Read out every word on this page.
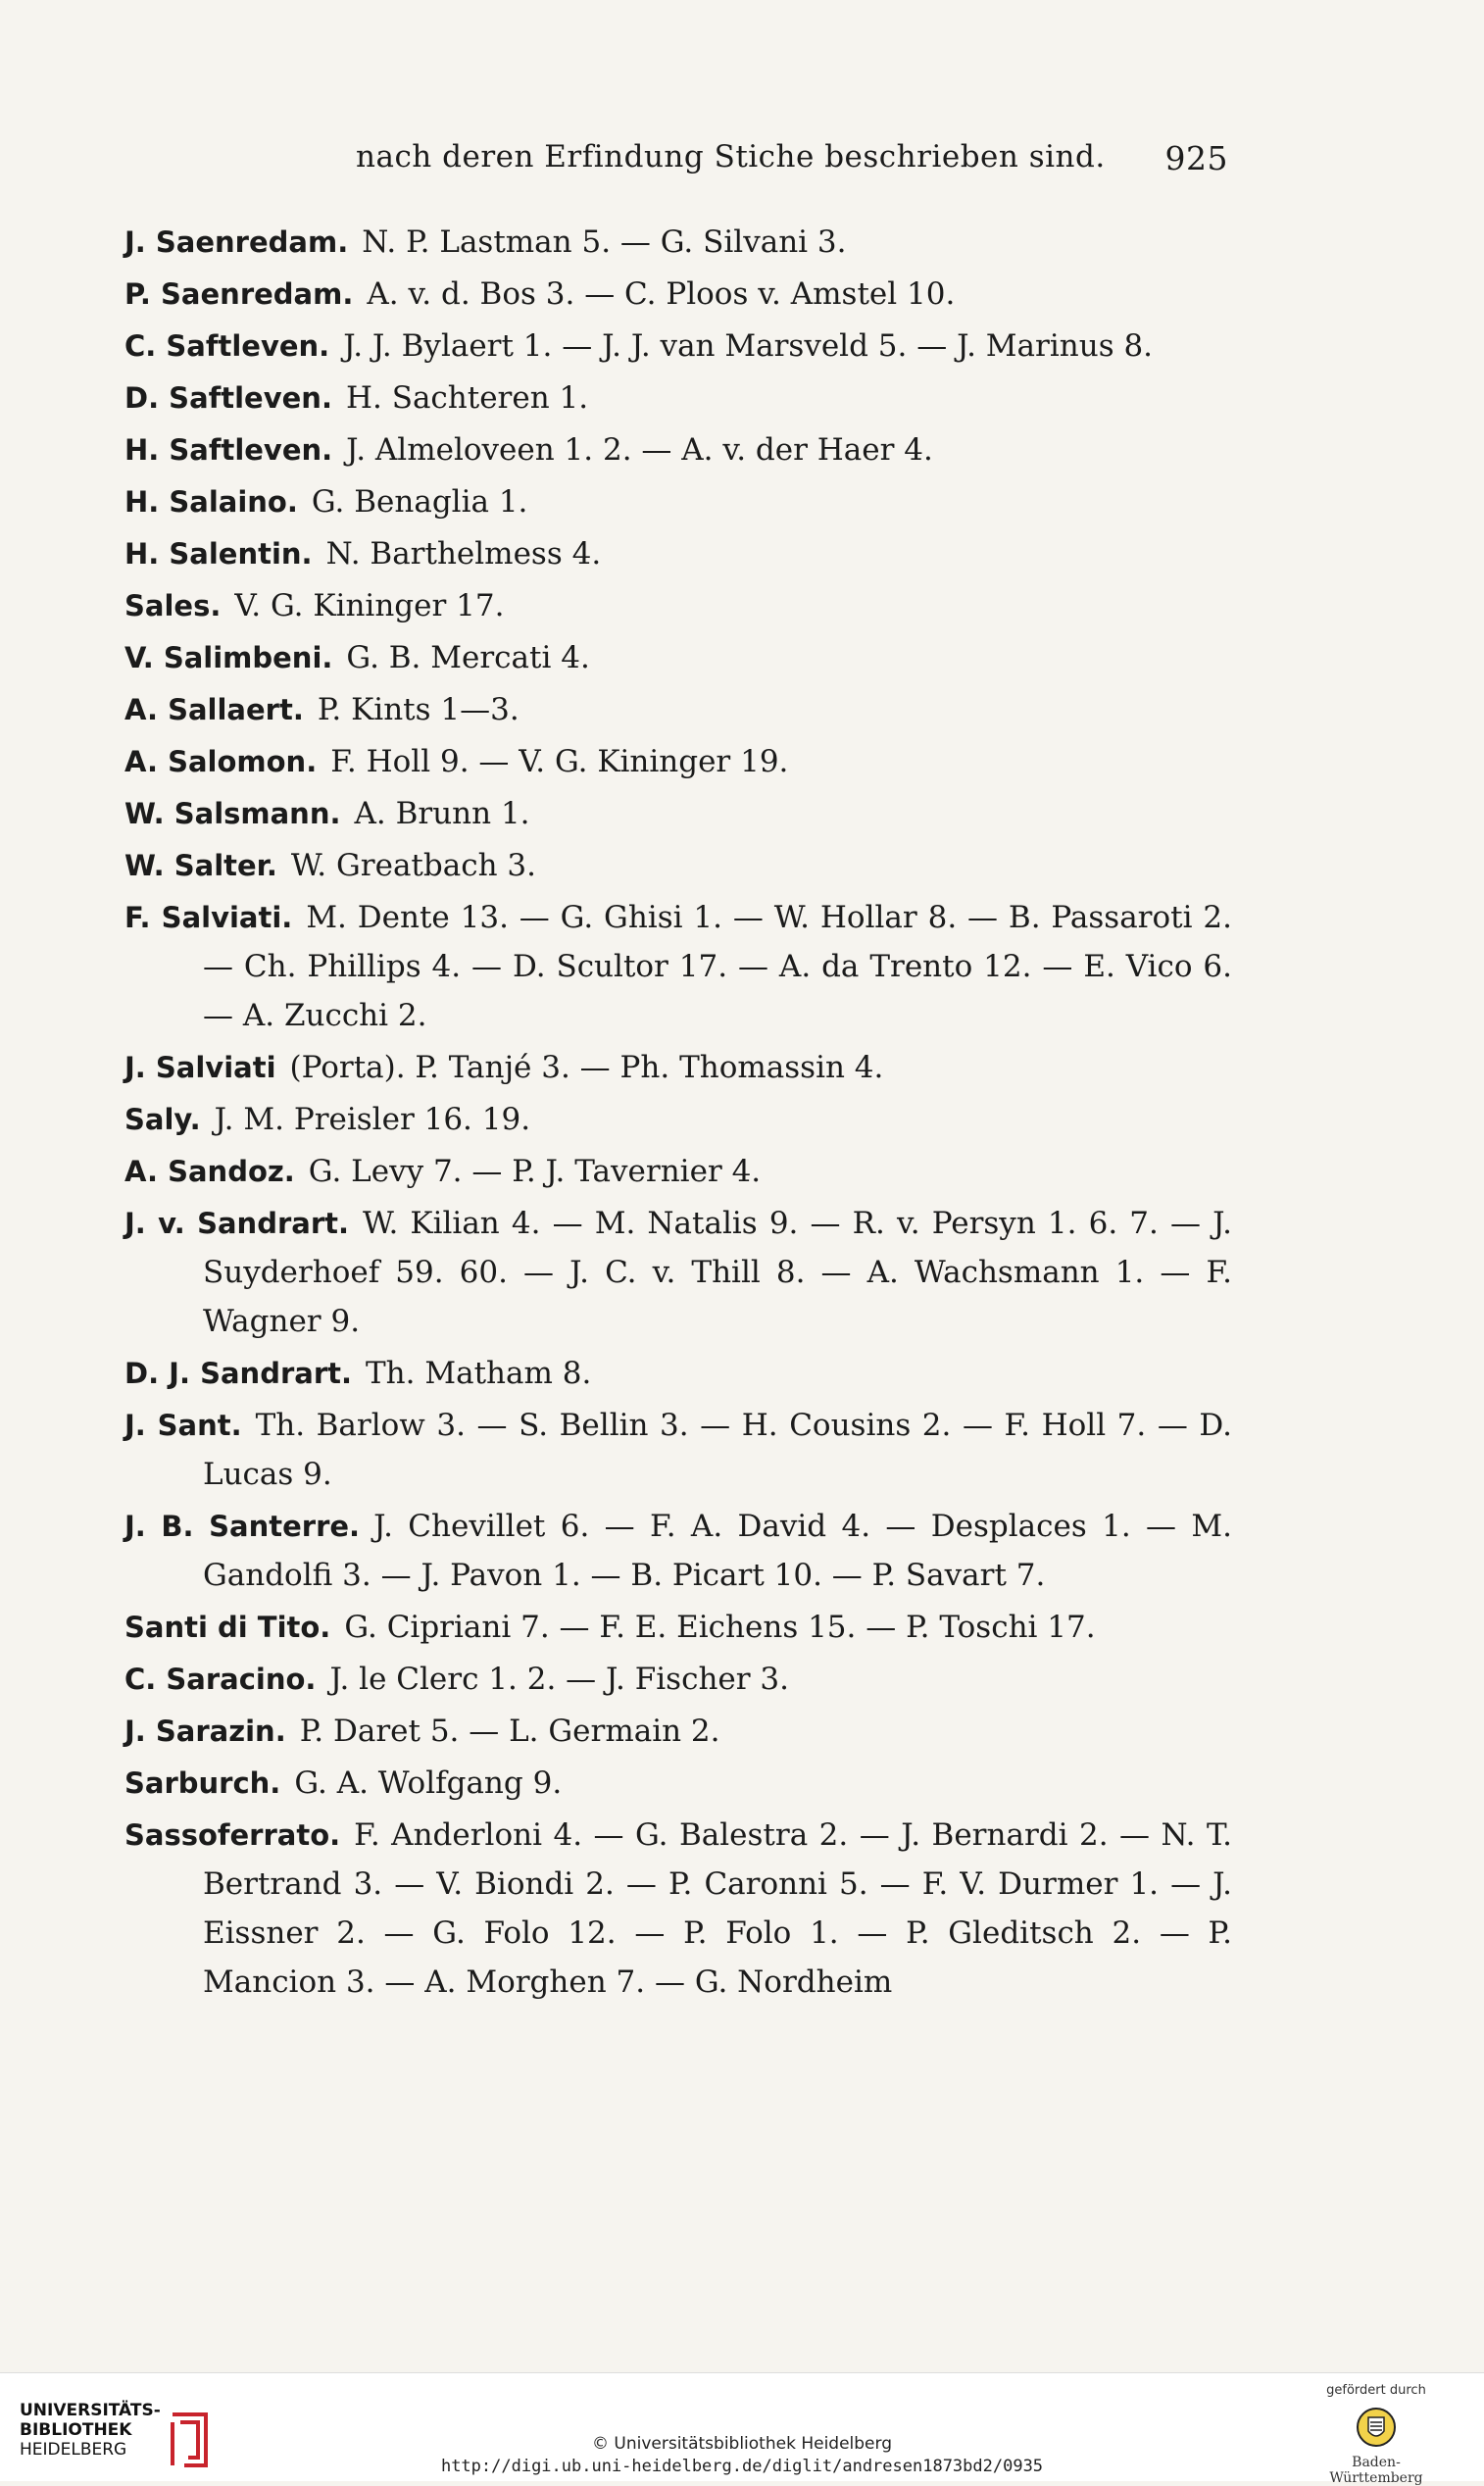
nach deren Erfindung Stiche beschrieben sind. 925
J. Saenredam. N. P. Lastman 5. — G. Silvani 3.
P. Saenredam. A. v. d. Bos 3. — C. Ploos v. Amstel 10.
C. Saftleven. J. J. Bylaert 1. — J. J. van Marsveld 5. — J. Marinus 8.
D. Saftleven. H. Sachteren 1.
H. Saftleven. J. Almeloveen 1. 2. — A. v. der Haer 4.
H. Salaino. G. Benaglia 1.
H. Salentin. N. Barthelmess 4.
Sales. V. G. Kininger 17.
V. Salimbeni. G. B. Mercati 4.
A. Sallaert. P. Kints 1—3.
A. Salomon. F. Holl 9. — V. G. Kininger 19.
W. Salsmann. A. Brunn 1.
W. Salter. W. Greatbach 3.
F. Salviati. M. Dente 13. — G. Ghisi 1. — W. Hollar 8. — B. Passaroti 2. — Ch. Phillips 4. — D. Scultor 17. — A. da Trento 12. — E. Vico 6. — A. Zucchi 2.
J. Salviati (Porta). P. Tanjé 3. — Ph. Thomassin 4.
Saly. J. M. Preisler 16. 19.
A. Sandoz. G. Levy 7. — P. J. Tavernier 4.
J. v. Sandrart. W. Kilian 4. — M. Natalis 9. — R. v. Persyn 1. 6. 7. — J. Suyderhoef 59. 60. — J. C. v. Thill 8. — A. Wachsmann 1. — F. Wagner 9.
D. J. Sandrart. Th. Matham 8.
J. Sant. Th. Barlow 3. — S. Bellin 3. — H. Cousins 2. — F. Holl 7. — D. Lucas 9.
J. B. Santerre. J. Chevillet 6. — F. A. David 4. — Desplaces 1. — M. Gandolfi 3. — J. Pavon 1. — B. Picart 10. — P. Savart 7.
Santi di Tito. G. Cipriani 7. — F. E. Eichens 15. — P. Toschi 17.
C. Saracino. J. le Clerc 1. 2. — J. Fischer 3.
J. Sarazin. P. Daret 5. — L. Germain 2.
Sarburch. G. A. Wolfgang 9.
Sassoferrato. F. Anderloni 4. — G. Balestra 2. — J. Bernardi 2. — N. T. Bertrand 3. — V. Biondi 2. — P. Caronni 5. — F. V. Durmer 1. — J. Eissner 2. — G. Folo 12. — P. Folo 1. — P. Gleditsch 2. — P. Mancion 3. — A. Morghen 7. — G. Nordheim
UNIVERSITÄTS-
BIBLIOTHEK
HEIDELBERG	© Universitätsbibliothek Heidelberg
http://digi.ub.uni-heidelberg.de/diglit/andresen1873bd2/0935
gefördert durch
Baden-Württemberg
